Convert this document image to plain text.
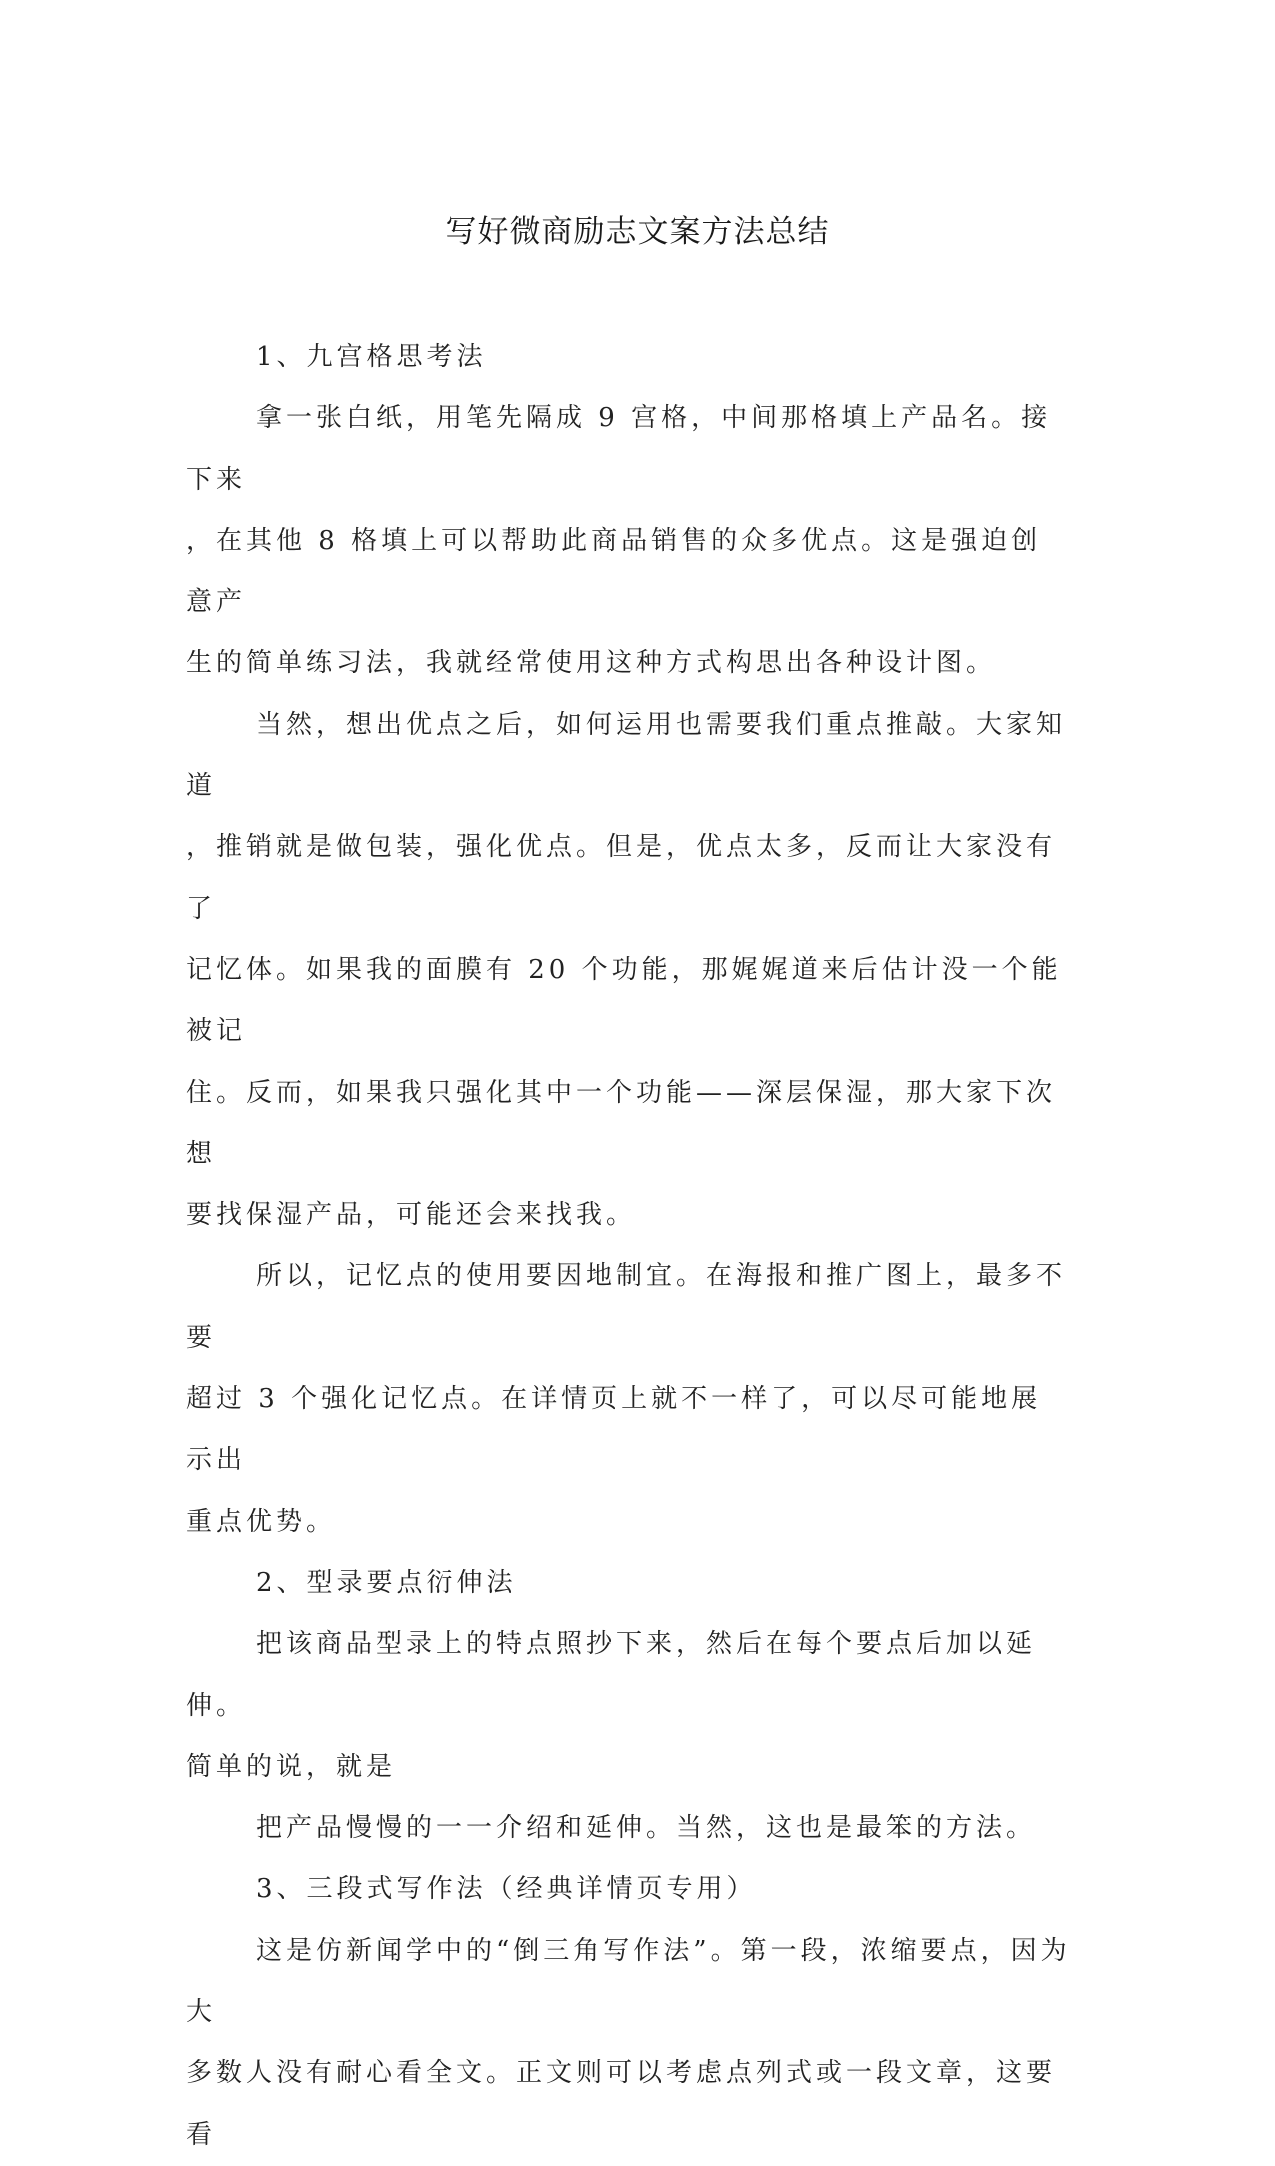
写好微商励志文案方法总结

1、九宫格思考法

拿一张白纸，用笔先隔成 9 宫格，中间那格填上产品名。接下来

，在其他 8 格填上可以帮助此商品销售的众多优点。这是强迫创意产

生的简单练习法，我就经常使用这种方式构思出各种设计图。

当然，想出优点之后，如何运用也需要我们重点推敲。大家知道

，推销就是做包装，强化优点。但是，优点太多，反而让大家没有了

记忆体。如果我的面膜有 20 个功能，那娓娓道来后估计没一个能被记

住。反而，如果我只强化其中一个功能——深层保湿，那大家下次想

要找保湿产品，可能还会来找我。

所以，记忆点的使用要因地制宜。在海报和推广图上，最多不要

超过 3 个强化记忆点。在详情页上就不一样了，可以尽可能地展示出

重点优势。

2、型录要点衍伸法

把该商品型录上的特点照抄下来，然后在每个要点后加以延伸。

简单的说，就是

把产品慢慢的一一介绍和延伸。当然，这也是最笨的方法。

3、三段式写作法（经典详情页专用）

这是仿新闻学中的“倒三角写作法”。第一段，浓缩要点，因为大

多数人没有耐心看全文。正文则可以考虑点列式或一段文章，这要看
